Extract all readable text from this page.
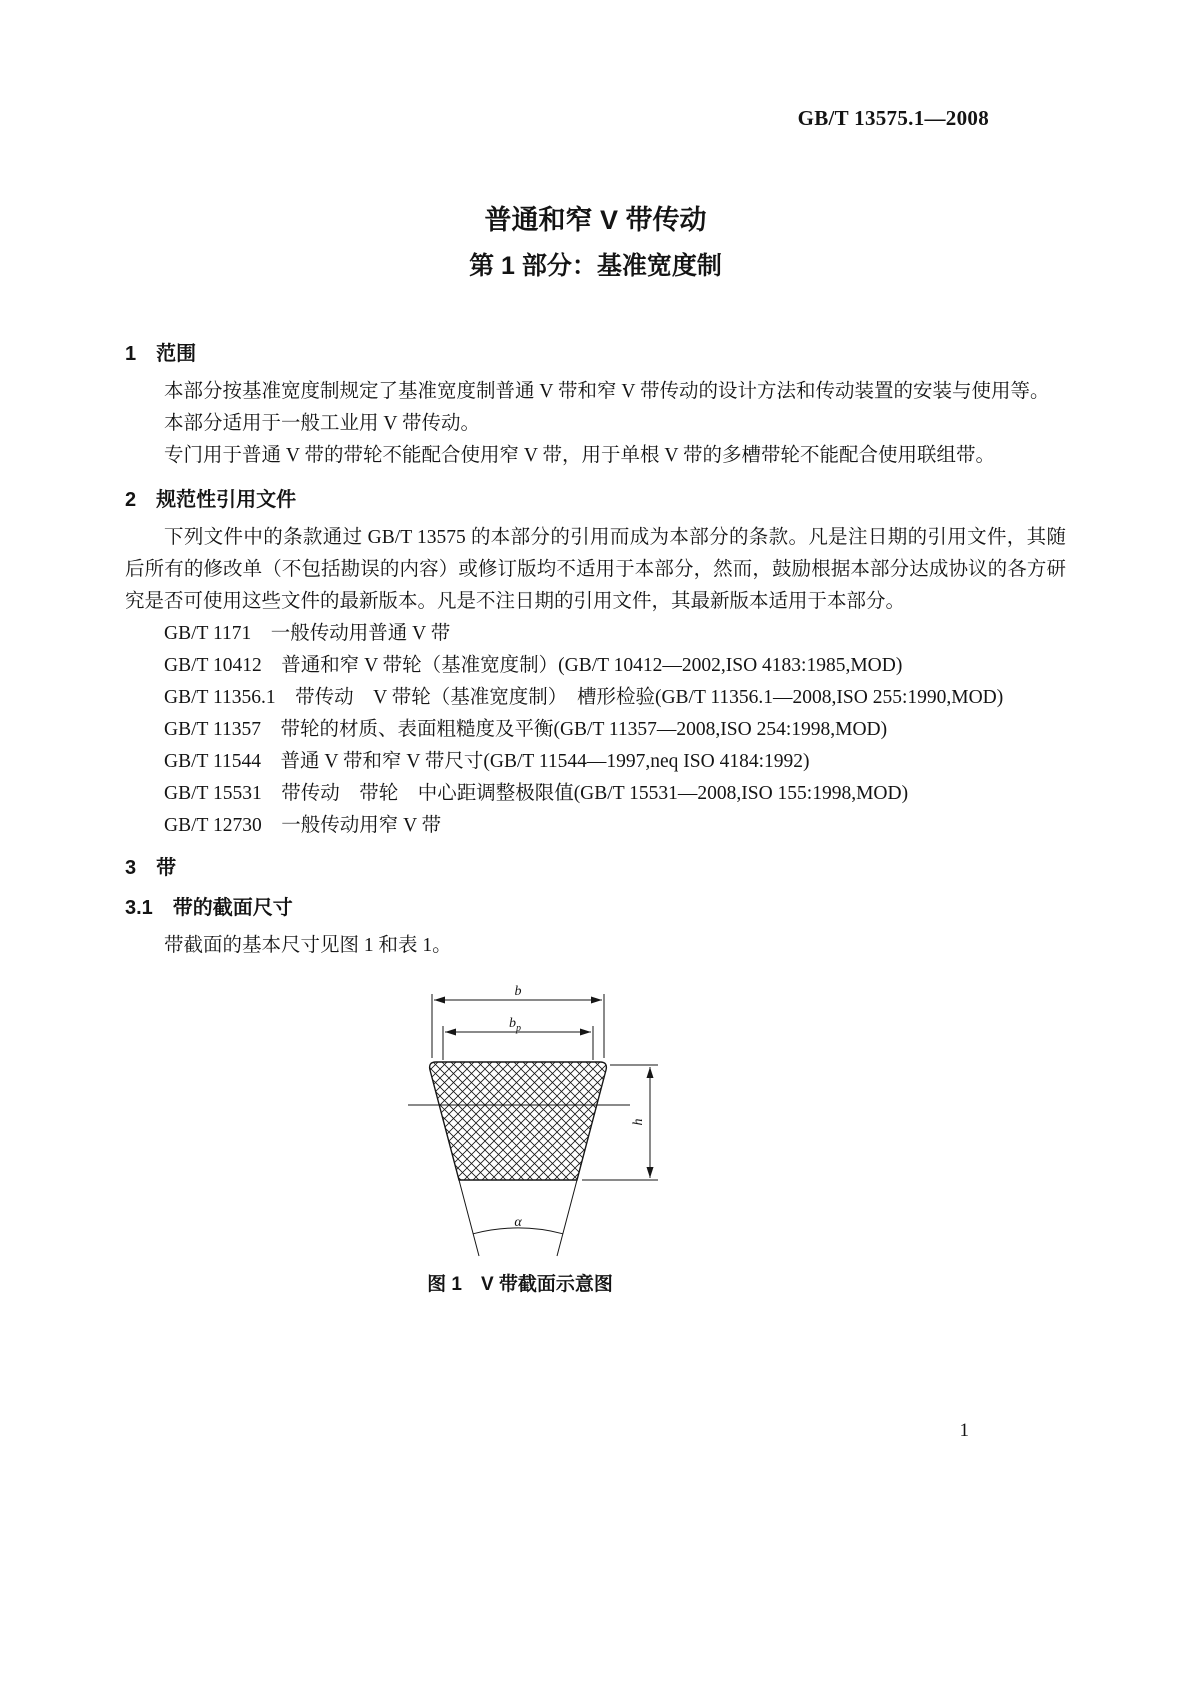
GB/T 13575.1—2008
普通和窄 V 带传动
第 1 部分：基准宽度制
1　范围

本部分按基准宽度制规定了基准宽度制普通 V 带和窄 V 带传动的设计方法和传动装置的安装与使用等。

本部分适用于一般工业用 V 带传动。

专门用于普通 V 带的带轮不能配合使用窄 V 带，用于单根 V 带的多槽带轮不能配合使用联组带。

2　规范性引用文件

下列文件中的条款通过 GB/T 13575 的本部分的引用而成为本部分的条款。凡是注日期的引用文件，其随后所有的修改单（不包括勘误的内容）或修订版均不适用于本部分，然而，鼓励根据本部分达成协议的各方研究是否可使用这些文件的最新版本。凡是不注日期的引用文件，其最新版本适用于本部分。

GB/T 1171　一般传动用普通 V 带

GB/T 10412　普通和窄 V 带轮（基准宽度制）(GB/T 10412—2002,ISO 4183:1985,MOD)

GB/T 11356.1　带传动　V 带轮（基准宽度制）　槽形检验(GB/T 11356.1—2008,ISO 255:1990,MOD)

GB/T 11357　带轮的材质、表面粗糙度及平衡(GB/T 11357—2008,ISO 254:1998,MOD)

GB/T 11544　普通 V 带和窄 V 带尺寸(GB/T 11544—1997,neq ISO 4184:1992)

GB/T 15531　带传动　带轮　中心距调整极限值(GB/T 15531—2008,ISO 155:1998,MOD)

GB/T 12730　一般传动用窄 V 带

3　带
3.1　带的截面尺寸

带截面的基本尺寸见图 1 和表 1。

b
$b_p$
h
α
图 1　V 带截面示意图
1
